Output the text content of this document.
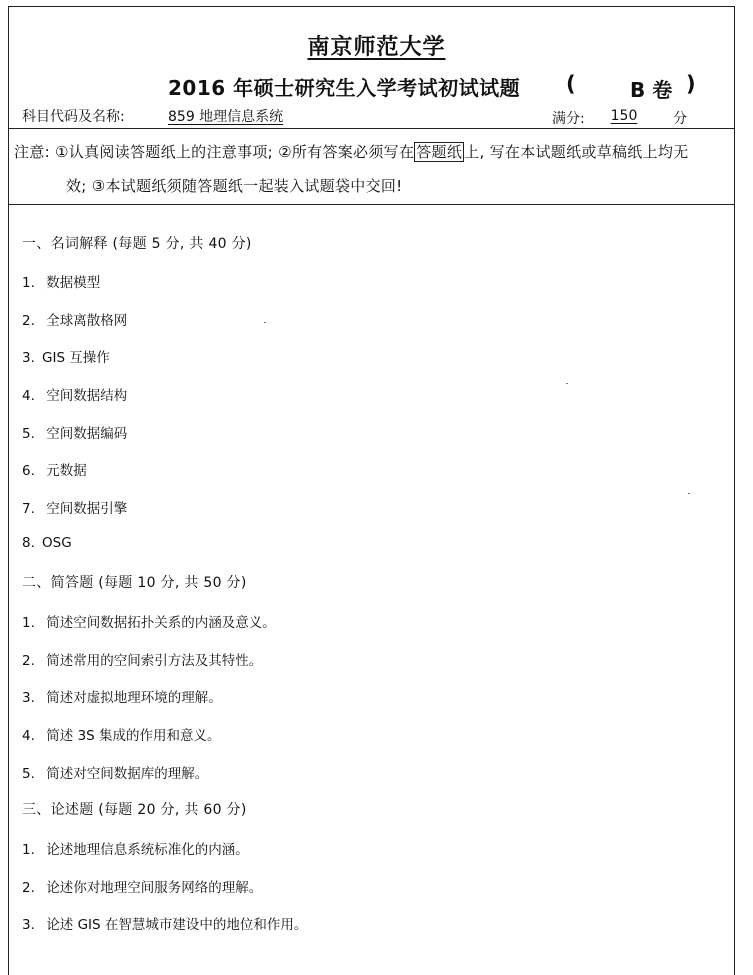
南京师范大学
2016 年硕士研究生入学考试初试试题 (	B 卷 )
科目代码及名称:	859 地理信息系统	满分:	150	分
注意: ①认真阅读答题纸上的注意事项; ②所有答案必须写在 答题纸 上, 写在本试题纸或草稿纸上均无
效; ③本试题纸须随答题纸一起装入试题袋中交回!
一、名词解释 (每题 5 分, 共 40 分)
1. 数据模型
2. 全球离散格网
3. GIS 互操作
4. 空间数据结构
5. 空间数据编码
6. 元数据
7. 空间数据引擎
8. OSG
二、简答题 (每题 10 分, 共 50 分)
1. 简述空间数据拓扑关系的内涵及意义。
2. 简述常用的空间索引方法及其特性。
3. 简述对虚拟地理环境的理解。
4. 简述 3S 集成的作用和意义。
5. 简述对空间数据库的理解。
三、论述题 (每题 20 分, 共 60 分)
1. 论述地理信息系统标准化的内涵。
2. 论述你对地理空间服务网络的理解。
3. 论述 GIS 在智慧城市建设中的地位和作用。
